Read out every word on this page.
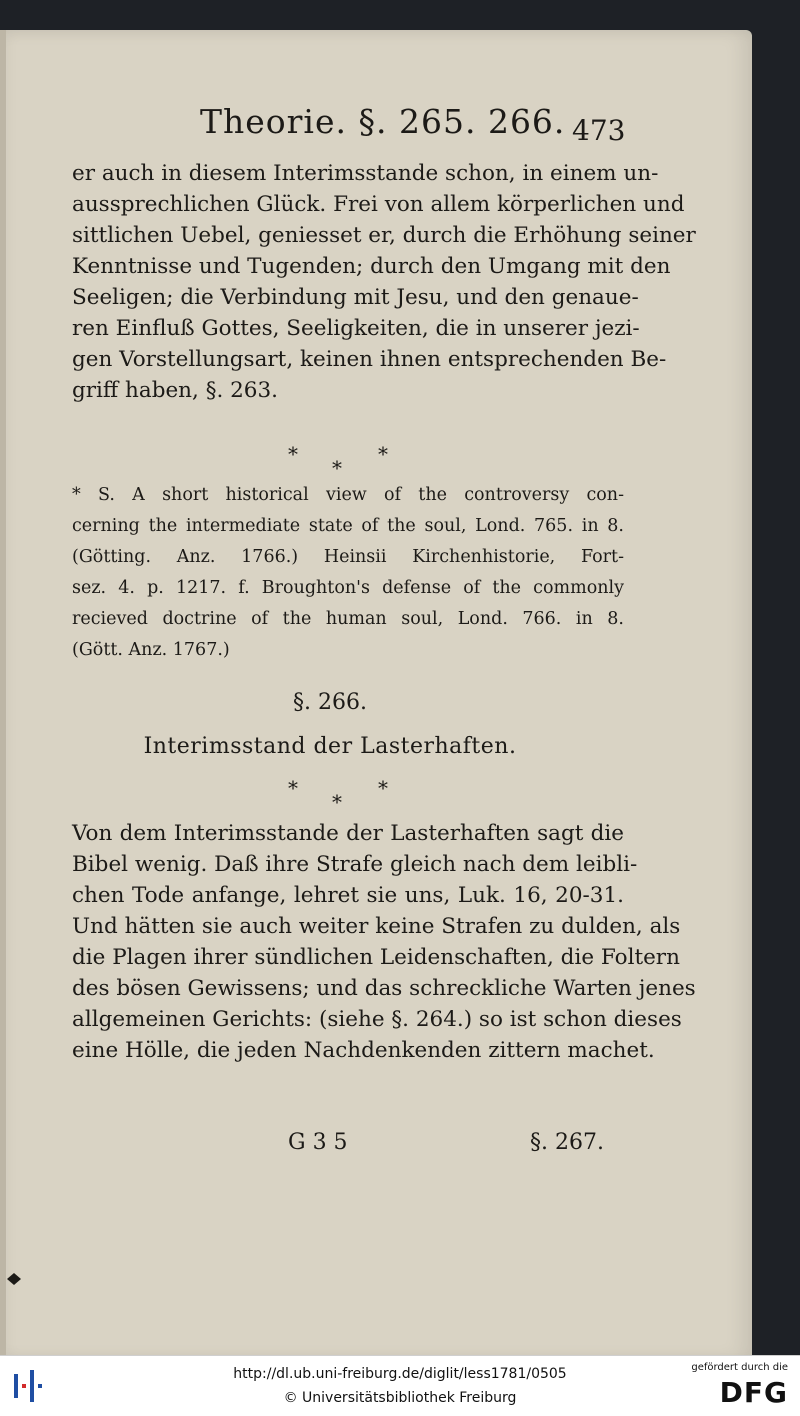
Theorie. §. 265. 266. 473
er auch in diesem Interimsstande schon, in einem un-
aussprechlichen Glück. Frei von allem körperlichen und
sittlichen Uebel, geniesset er, durch die Erhöhung seiner
Kenntnisse und Tugenden; durch den Umgang mit den
Seeligen; die Verbindung mit Jesu, und den genaue-
ren Einfluß Gottes, Seeligkeiten, die in unserer jezi-
gen Vorstellungsart, keinen ihnen entsprechenden Be-
griff haben, §. 263.
*	*
*
* S. A short historical view of the controversy con-
cerning the intermediate state of the soul, Lond. 765. in 8.
(Götting. Anz. 1766.) Heinsii Kirchenhistorie, Fort-
sez. 4. p. 1217. f. Broughton's defense of the commonly
recieved doctrine of the human soul, Lond. 766. in 8.
(Gött. Anz. 1767.)
§. 266.
Interimsstand der Lasterhaften.
*	*
*
Von dem Interimsstande der Lasterhaften sagt die
Bibel wenig. Daß ihre Strafe gleich nach dem leibli-
chen Tode anfange, lehret sie uns, Luk. 16, 20-31.
Und hätten sie auch weiter keine Strafen zu dulden, als
die Plagen ihrer sündlichen Leidenschaften, die Foltern
des bösen Gewissens; und das schreckliche Warten jenes
allgemeinen Gerichts: (siehe §. 264.) so ist schon dieses
eine Hölle, die jeden Nachdenkenden zittern machet.
G 3 5	§. 267.
http://dl.ub.uni-freiburg.de/diglit/less1781/0505
© Universitätsbibliothek Freiburg
gefördert durch die
DFG
